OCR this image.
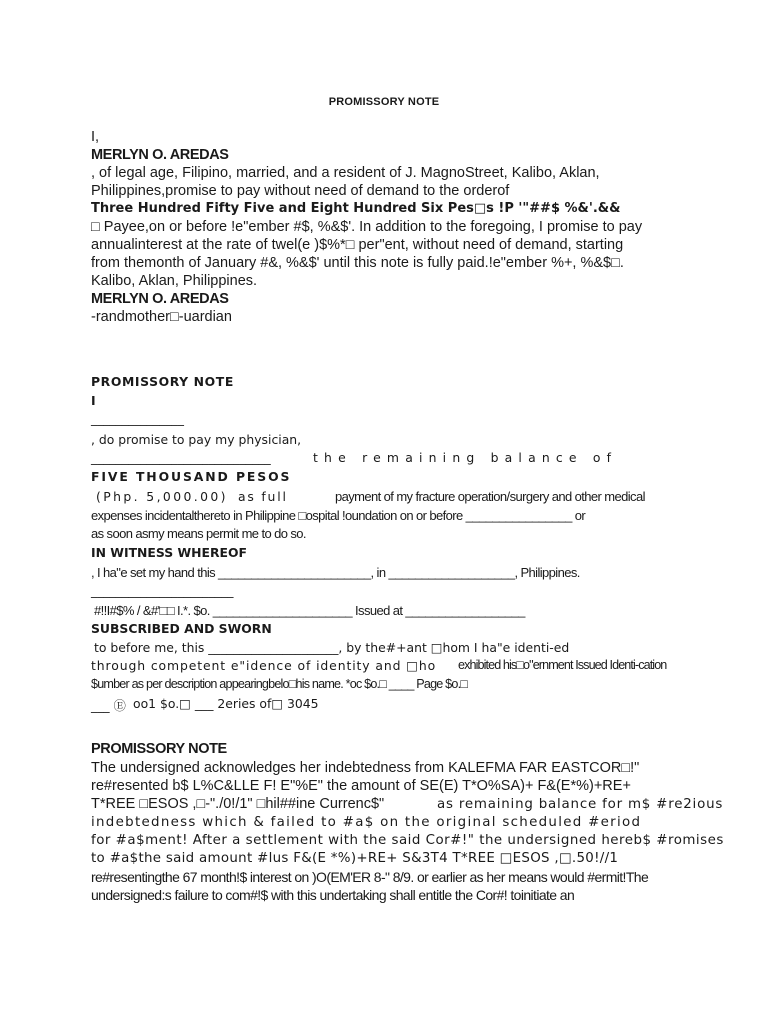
PROMISSORY NOTE
I,
MERLYN O. AREDAS
, of legal age, Filipino, married, and a resident of J. MagnoStreet, Kalibo, Aklan,
Philippines,promise to pay without need of demand to the orderof
Three Hundred Fifty Five and Eight Hundred Six Pes□s !P '"##$ %&'.&&
□ Payee,on or before !e"ember #$, %&$'. In addition to the foregoing, I promise to pay
annualinterest at the rate of twel(e )$%*□ per"ent, without need of demand, starting
from themonth of January #&, %&$' until this note is fully paid.!e"ember %+, %&$□.
Kalibo, Aklan, Philippines.
MERLYN O. AREDAS
-randmother□-uardian
PROMISSORY NOTE
I
_______________
, do promise to pay my physician,
_____________________________	the remaining balance of
FIVE THOUSAND PESOS
(Php. 5,000.00) as full	payment of my fracture operation/surgery and other medical
expenses incidentalthereto in Philippine □ospital !oundation on or before ________________ or
as soon asmy means permit me to do so.
IN WITNESS WHEREOF
, I ha"e set my hand this _______________________, in ___________________, Philippines.
_______________________
#!!I#$% / &#'□□ I.*. $o. _____________________ Issued at __________________
SUBSCRIBED AND SWORN
to before me, this _____________________, by the#+ant □hom I ha"e identi-ed
through competent e"idence of identity and □ho exhibited his□o"ernment Issued Identi-cation
$umber as per description appearingbelo□his name. *oc $o.□ ____ Page $o.□
___ Ⓔ oo1 $o.□ ___ 2eries of□ 3045
PROMISSORY NOTE
The undersigned acknowledges her indebtedness from KALEFMA FAR EASTCOR□!"
re#resented b$ L%C&LLE F! E"%E" the amount of SE(E) T*O%SA)+ F&(E*%)+RE+
T*REE □ESOS ,□-"./0!/1" □hil##ine Currenc$"	as remaining balance for m$ #re2ious
indebtedness which & failed to #a$ on the original scheduled #eriod
for #a$ment! After a settlement with the said Cor#!" the undersigned hereb$ #romises
to #a$the said amount #lus F&(E *%)+RE+ S&3T4 T*REE □ESOS ,□.50!//1
re#resentingthe 67 month!$ interest on )O(EM'ER 8-" 8/9. or earlier as her means would #ermit!The
undersigned:s failure to com#!$ with this undertaking shall entitle the Cor#! toinitiate an
